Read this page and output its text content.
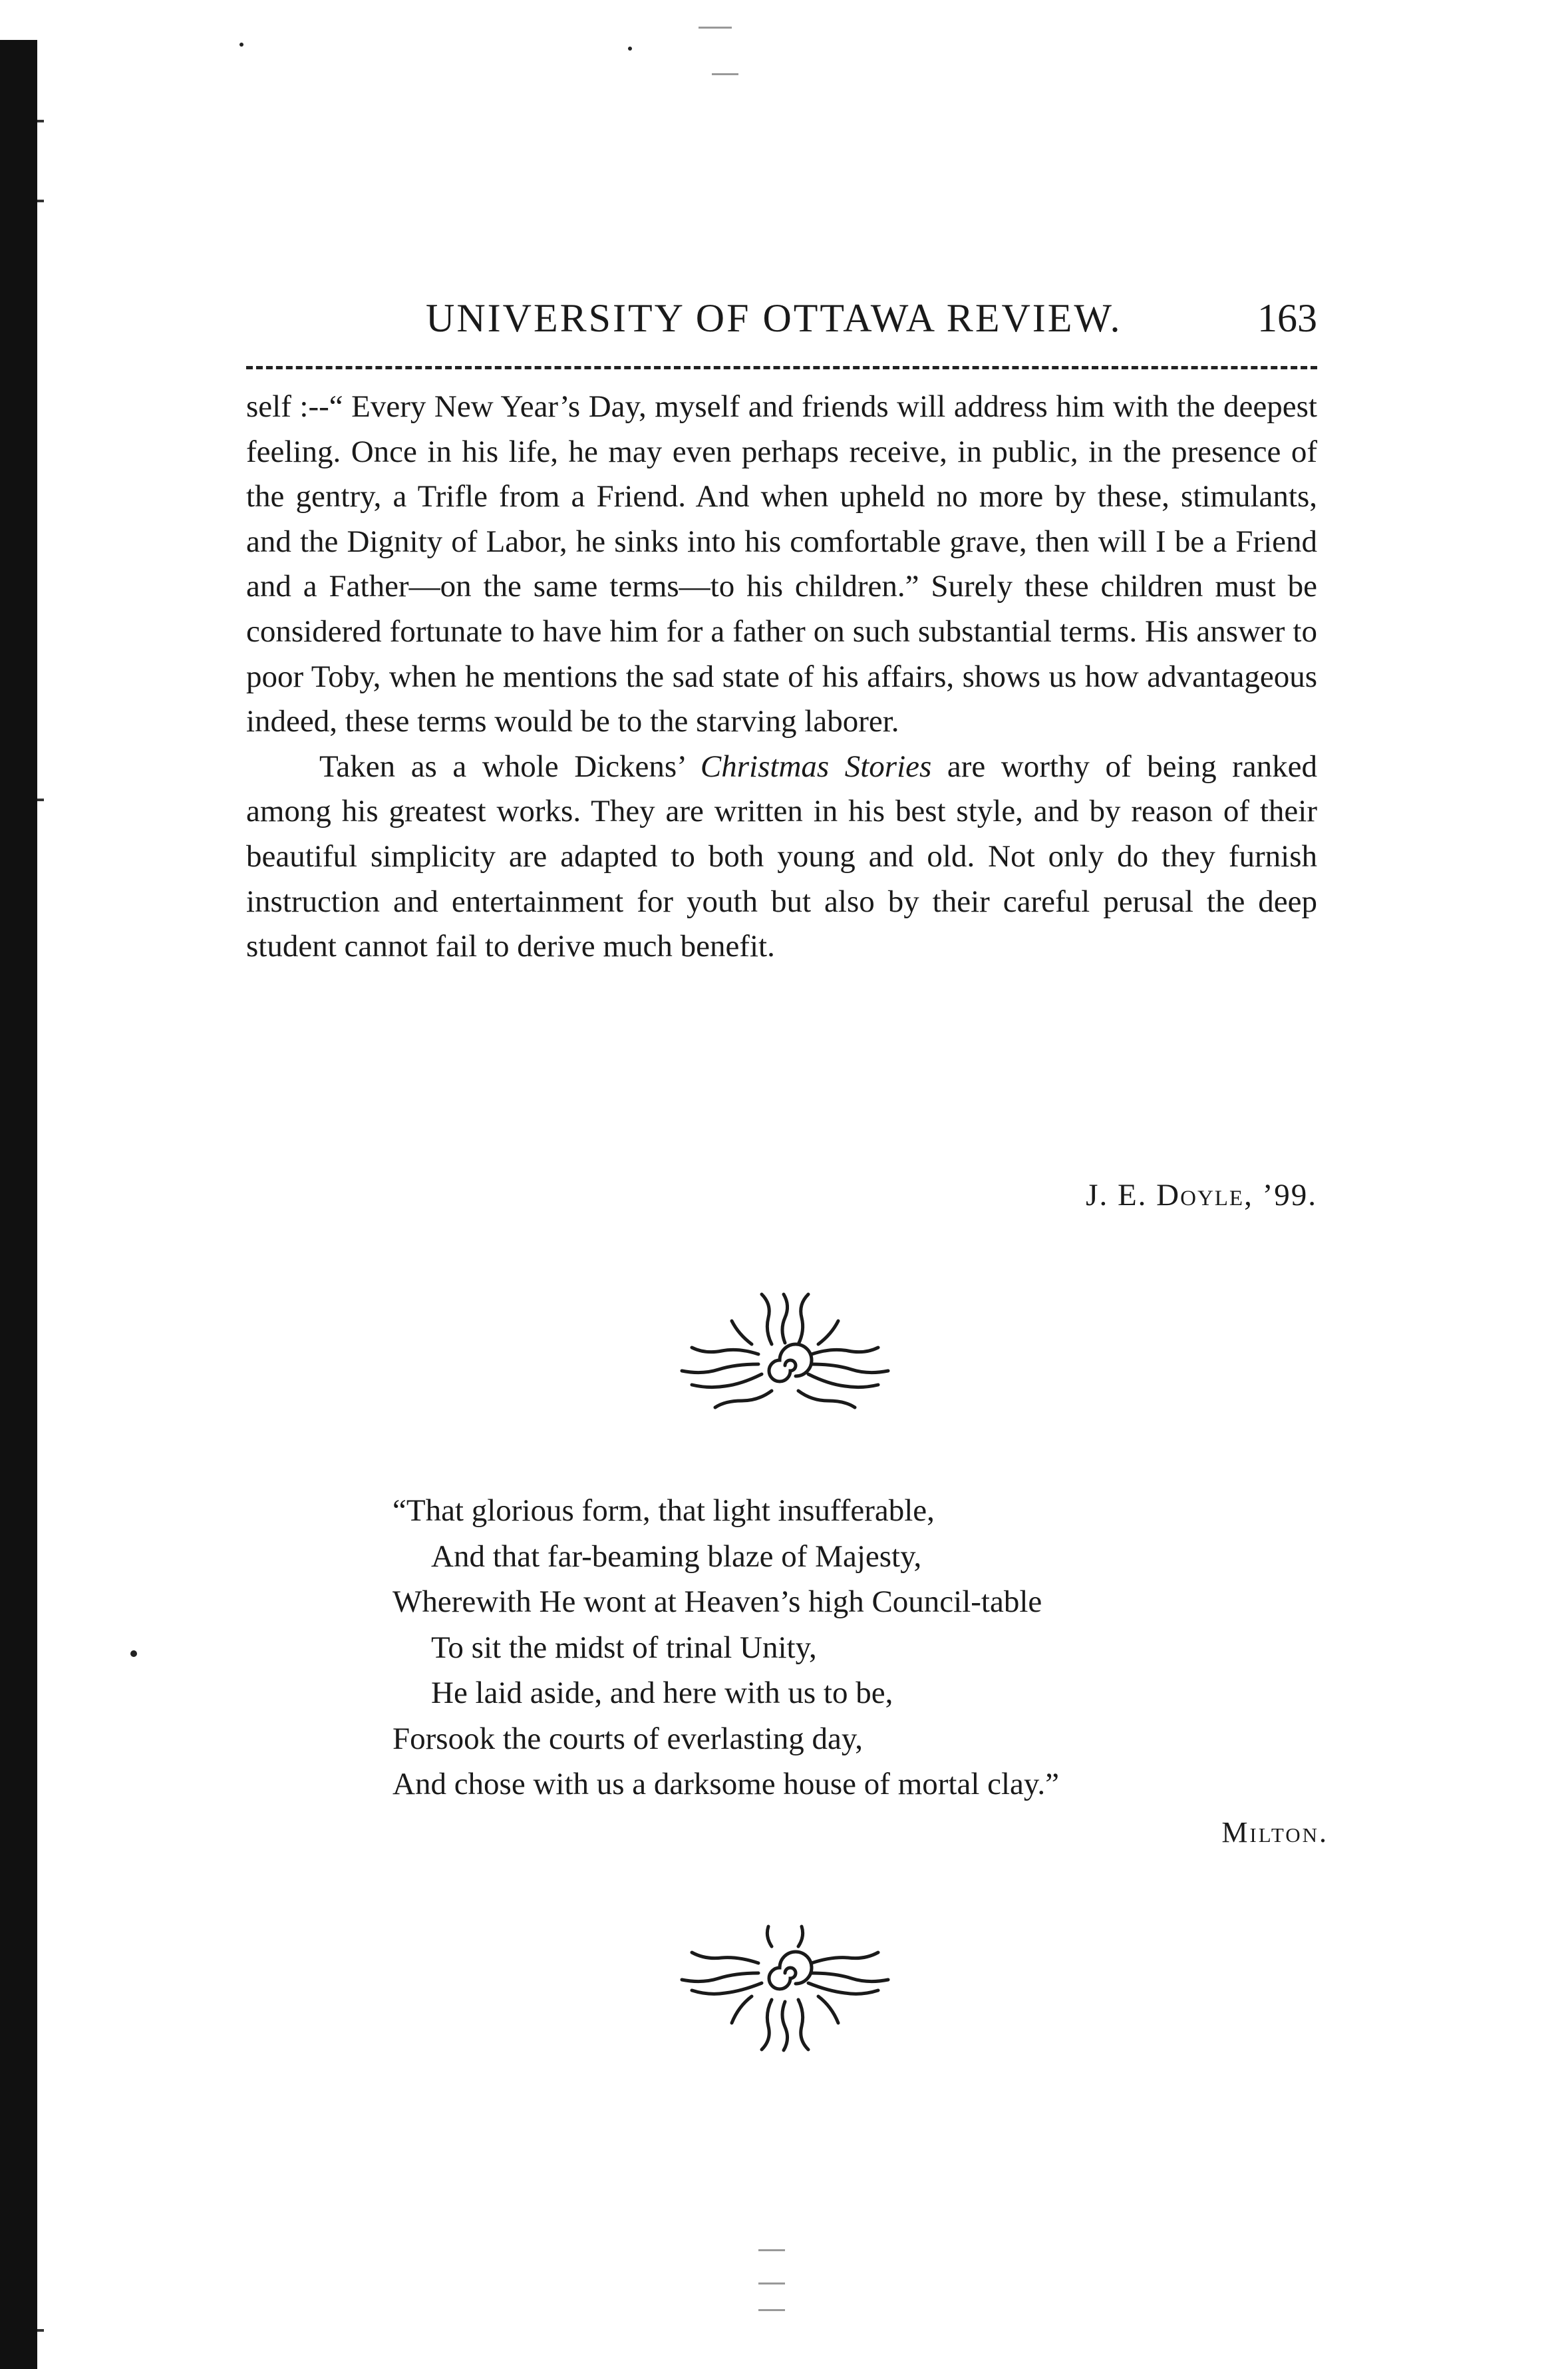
UNIVERSITY OF OTTAWA REVIEW.	163

self :--“ Every New Year’s Day, myself and friends will address him with the deepest feeling. Once in his life, he may even perhaps receive, in public, in the presence of the gentry, a Trifle from a Friend. And when upheld no more by these, stimulants, and the Dignity of Labor, he sinks into his comfortable grave, then will I be a Friend and a Father—on the same terms—to his children.” Surely these children must be considered fortunate to have him for a father on such substantial terms. His answer to poor Toby, when he mentions the sad state of his affairs, shows us how advantageous indeed, these terms would be to the starving laborer.

Taken as a whole Dickens’ Christmas Stories are worthy of being ranked among his greatest works. They are written in his best style, and by reason of their beautiful simplicity are adapted to both young and old. Not only do they furnish instruction and entertainment for youth but also by their careful perusal the deep student cannot fail to derive much benefit.

J. E. Doyle, ’99.
“That glorious form, that light insufferable,
And that far-beaming blaze of Majesty,
Wherewith He wont at Heaven’s high Council-table
To sit the midst of trinal Unity,
He laid aside, and here with us to be,
Forsook the courts of everlasting day,
And chose with us a darksome house of mortal clay.”
Milton.
